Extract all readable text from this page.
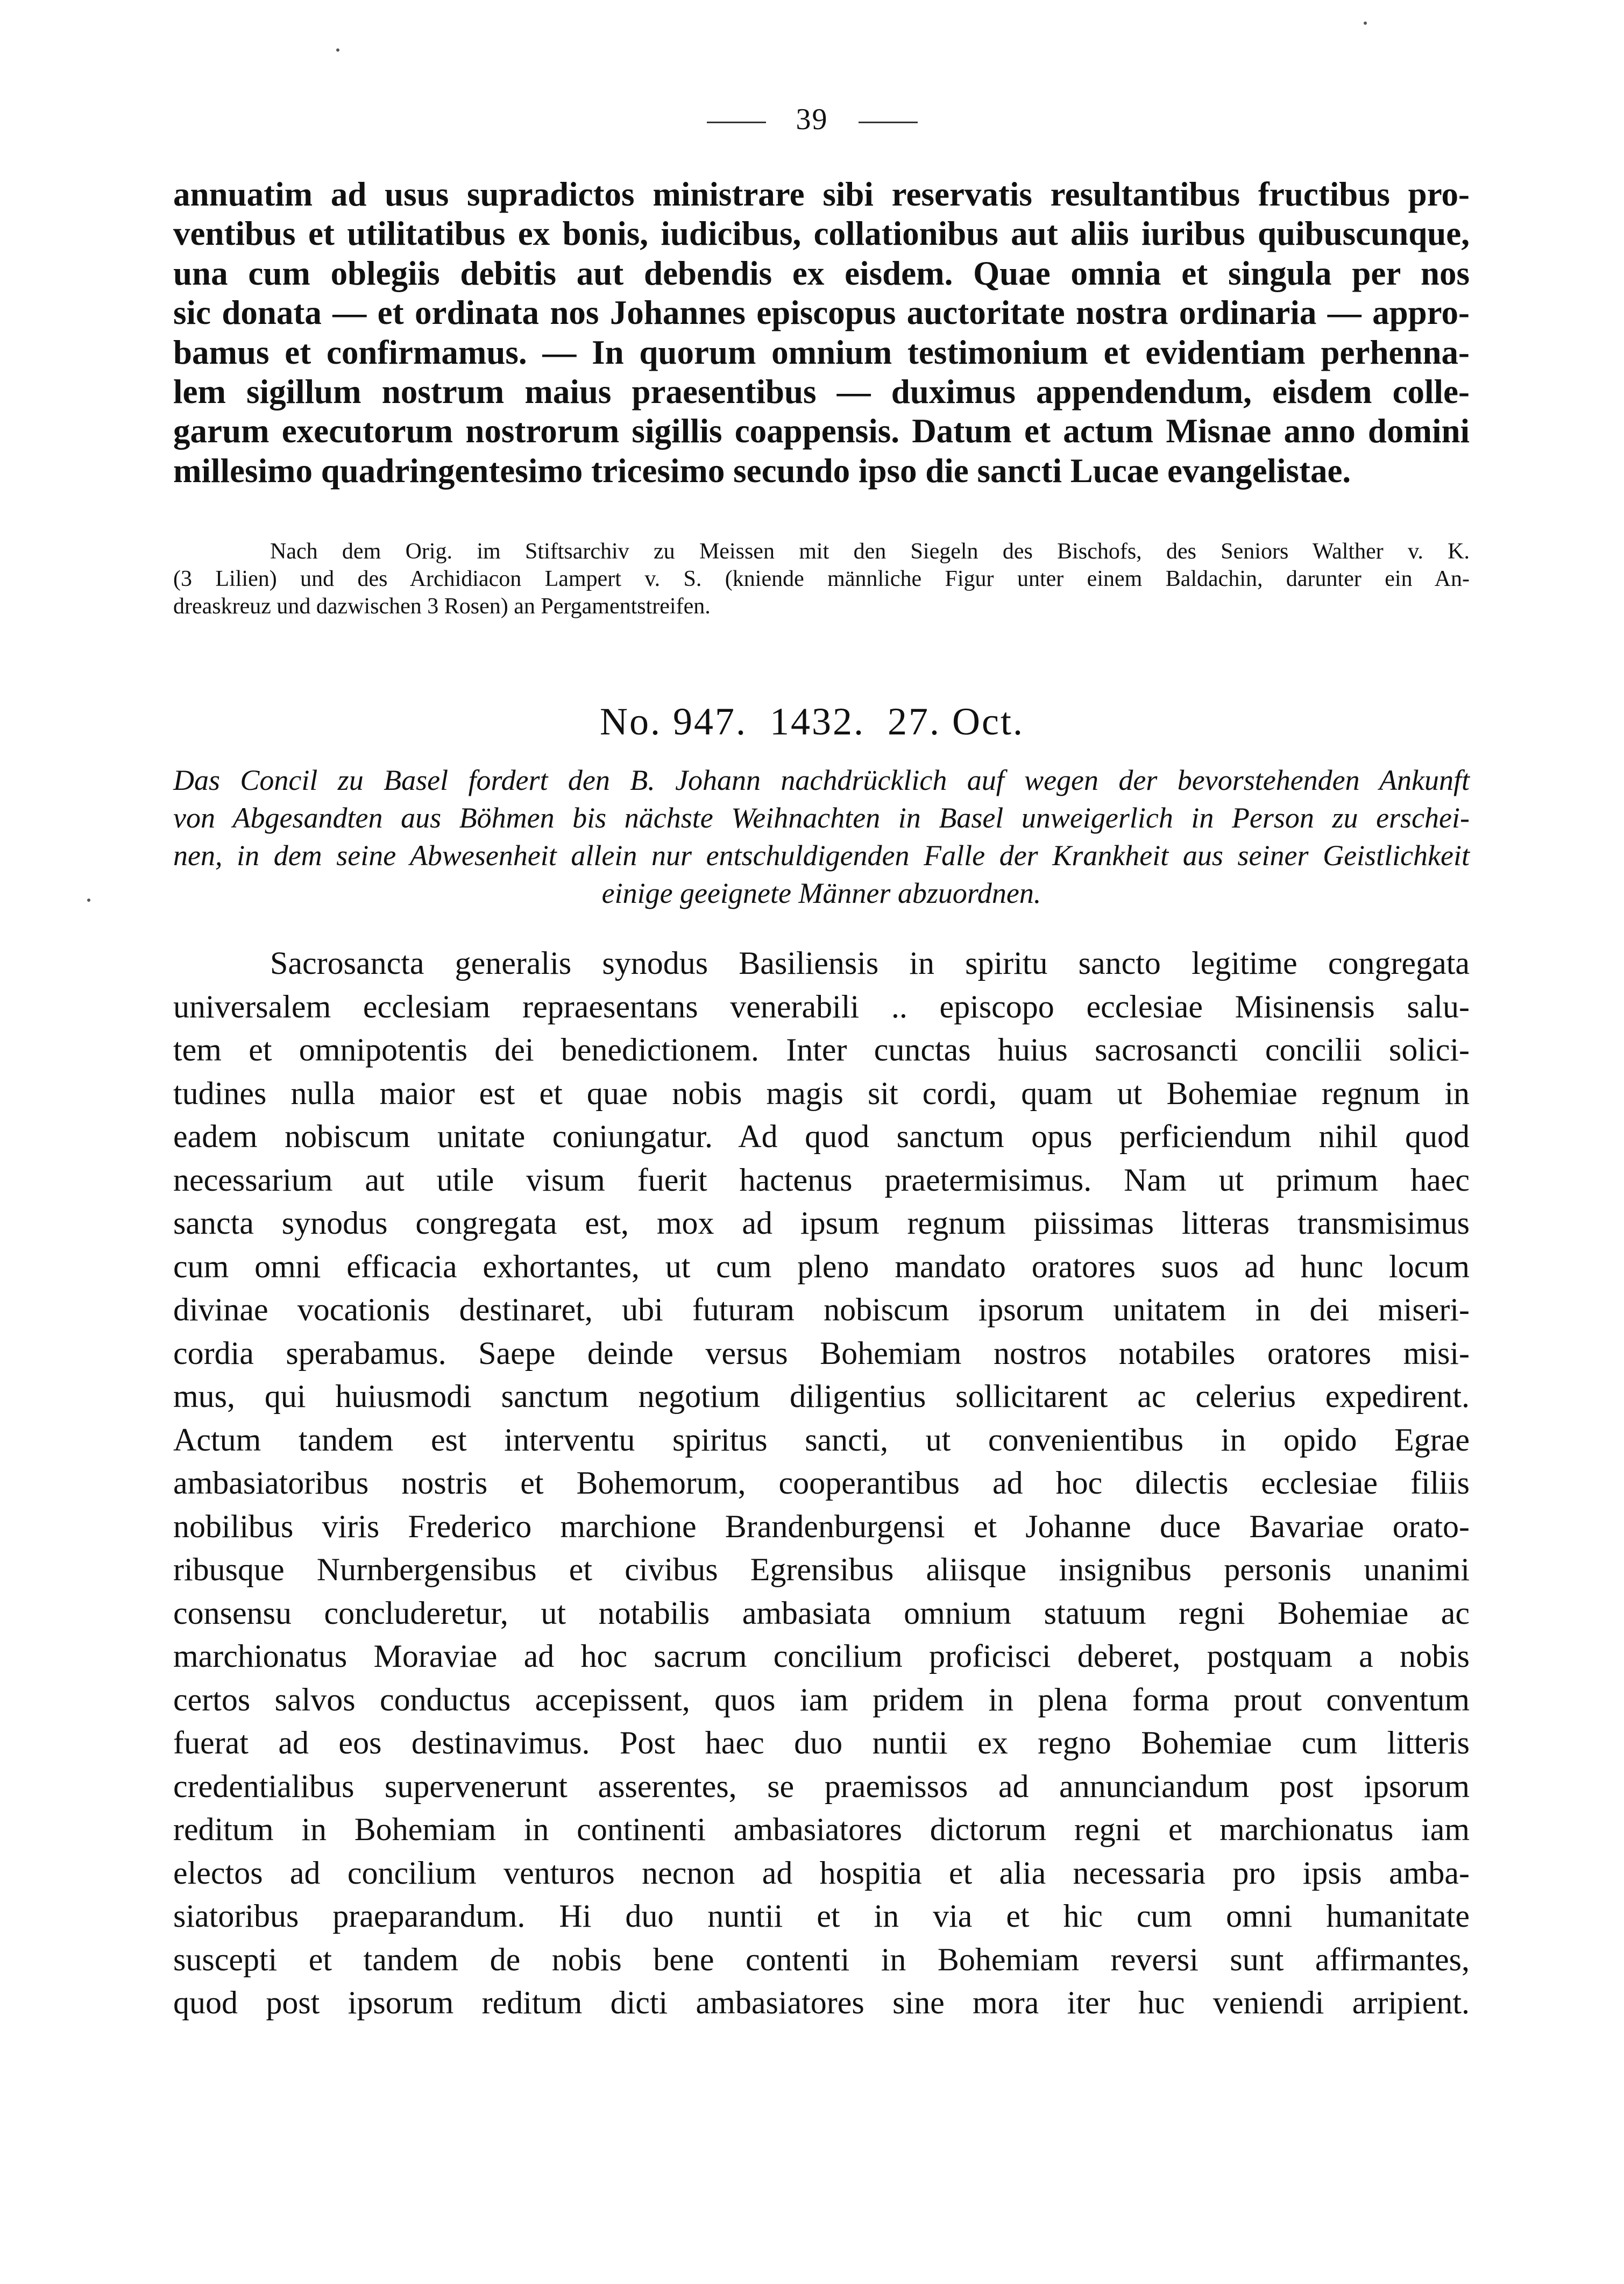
39
annuatim ad usus supradictos ministrare sibi reservatis resultantibus fructibus pro-
ventibus et utilitatibus ex bonis, iudicibus, collationibus aut aliis iuribus quibuscunque,
una cum oblegiis debitis aut debendis ex eisdem. Quae omnia et singula per nos
sic donata — et ordinata nos Johannes episcopus auctoritate nostra ordinaria — appro-
bamus et confirmamus. — In quorum omnium testimonium et evidentiam perhenna-
lem sigillum nostrum maius praesentibus — duximus appendendum, eisdem colle-
garum executorum nostrorum sigillis coappensis. Datum et actum Misnae anno domini
millesimo quadringentesimo tricesimo secundo ipso die sancti Lucae evangelistae.
Nach dem Orig. im Stiftsarchiv zu Meissen mit den Siegeln des Bischofs, des Seniors Walther v. K.
(3 Lilien) und des Archidiacon Lampert v. S. (kniende männliche Figur unter einem Baldachin, darunter ein An-
dreaskreuz und dazwischen 3 Rosen) an Pergamentstreifen.
No. 947.  1432.  27. Oct.
Das Concil zu Basel fordert den B. Johann nachdrücklich auf wegen der bevorstehenden Ankunft
von Abgesandten aus Böhmen bis nächste Weihnachten in Basel unweigerlich in Person zu erschei-
nen, in dem seine Abwesenheit allein nur entschuldigenden Falle der Krankheit aus seiner Geistlichkeit
einige geeignete Männer abzuordnen.
Sacrosancta generalis synodus Basiliensis in spiritu sancto legitime congregata
universalem ecclesiam repraesentans venerabili .. episcopo ecclesiae Misinensis salu-
tem et omnipotentis dei benedictionem. Inter cunctas huius sacrosancti concilii solici-
tudines nulla maior est et quae nobis magis sit cordi, quam ut Bohemiae regnum in
eadem nobiscum unitate coniungatur. Ad quod sanctum opus perficiendum nihil quod
necessarium aut utile visum fuerit hactenus praetermisimus. Nam ut primum haec
sancta synodus congregata est, mox ad ipsum regnum piissimas litteras transmisimus
cum omni efficacia exhortantes, ut cum pleno mandato oratores suos ad hunc locum
divinae vocationis destinaret, ubi futuram nobiscum ipsorum unitatem in dei miseri-
cordia sperabamus. Saepe deinde versus Bohemiam nostros notabiles oratores misi-
mus, qui huiusmodi sanctum negotium diligentius sollicitarent ac celerius expedirent.
Actum tandem est interventu spiritus sancti, ut convenientibus in opido Egrae
ambasiatoribus nostris et Bohemorum, cooperantibus ad hoc dilectis ecclesiae filiis
nobilibus viris Frederico marchione Brandenburgensi et Johanne duce Bavariae orato-
ribusque Nurnbergensibus et civibus Egrensibus aliisque insignibus personis unanimi
consensu concluderetur, ut notabilis ambasiata omnium statuum regni Bohemiae ac
marchionatus Moraviae ad hoc sacrum concilium proficisci deberet, postquam a nobis
certos salvos conductus accepissent, quos iam pridem in plena forma prout conventum
fuerat ad eos destinavimus. Post haec duo nuntii ex regno Bohemiae cum litteris
credentialibus supervenerunt asserentes, se praemissos ad annunciandum post ipsorum
reditum in Bohemiam in continenti ambasiatores dictorum regni et marchionatus iam
electos ad concilium venturos necnon ad hospitia et alia necessaria pro ipsis amba-
siatoribus praeparandum. Hi duo nuntii et in via et hic cum omni humanitate
suscepti et tandem de nobis bene contenti in Bohemiam reversi sunt affirmantes,
quod post ipsorum reditum dicti ambasiatores sine mora iter huc veniendi arripient.
